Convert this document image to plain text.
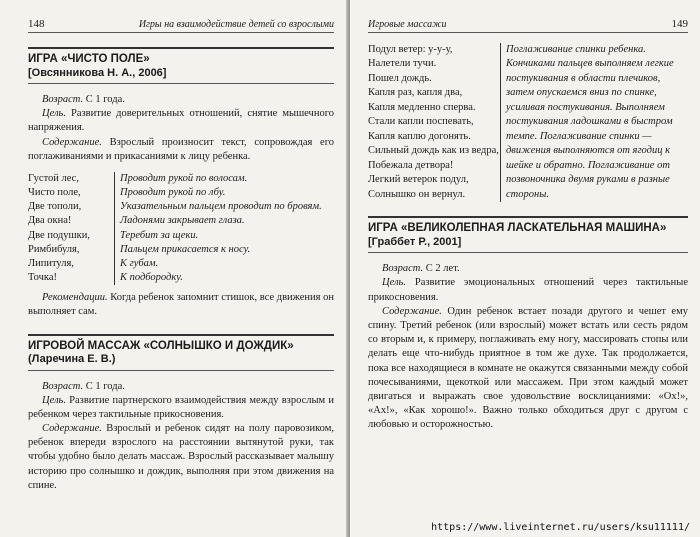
148	Игры на взаимодействие детей со взрослыми
ИГРА «ЧИСТО ПОЛЕ»
[Овсянникова Н. А., 2006]

Возраст. С 1 года.

Цель. Развитие доверительных отношений, снятие мышечного напряжения.

Содержание. Взрослый произносит текст, сопровождая его поглаживаниями и прикасаниями к лицу ребенка.

Густой лес,	Проводит рукой по волосам.
Чисто поле,	Проводит рукой по лбу.
Две тополи,	Указательным пальцем проводит по бровям.
Два окна!	Ладонями закрывает глаза.
Две подушки,	Теребит за щеки.
Римбибуля,	Пальцем прикасается к носу.
Липитуля,	К губам.
Точка!	К подбородку.

Рекомендации. Когда ребенок запомнит стишок, все движения он выполняет сам.

ИГРОВОЙ МАССАЖ «СОЛНЫШКО И ДОЖДИК»
(Ларечина Е. В.)

Возраст. С 1 года.

Цель. Развитие партнерского взаимодействия между взрослым и ребенком через тактильные прикосновения.

Содержание. Взрослый и ребенок сидят на полу паровозиком, ребенок впереди взрослого на расстоянии вытянутой руки, так чтобы удобно было делать массаж. Взрослый рассказывает малышу историю про солнышко и дождик, выполняя при этом движения на спине.

Игровые массажи	149
Подул ветер: у-у-у,
Налетели тучи.
Пошел дождь.
Капля раз, капля два,
Капля медленно сперва.
Стали капли поспевать,
Капля каплю догонять.
Сильный дождь как из ведра,
Побежала детвора!
Легкий ветерок подул,
Солнышко он вернул.
Поглаживание спинки ребенка. Кончиками пальцев выполняем легкие постукивания в области плечиков, затем опускаемся вниз по спинке, усиливая постукивания. Выполняем постукивания ладошками в быстром темпе. Поглаживание спинки — движения выполняются от ягодиц к шейке и обратно. Поглаживание от позвоночника двумя руками в разные стороны.
ИГРА «ВЕЛИКОЛЕПНАЯ ЛАСКАТЕЛЬНАЯ МАШИНА»
[Граббет Р., 2001]

Возраст. С 2 лет.

Цель. Развитие эмоциональных отношений через тактильные прикосновения.

Содержание. Один ребенок встает позади другого и чешет ему спину. Третий ребенок (или взрослый) может встать или сесть рядом со вторым и, к примеру, поглаживать ему ногу, массировать стопы или делать еще что-нибудь приятное в том же духе. Так продолжается, пока все находящиеся в комнате не окажутся связанными между собой почесываниями, щекоткой или массажем. При этом каждый может двигаться и выражать свое удовольствие восклицаниями: «Ох!», «Ах!», «Как хорошо!». Важно только обходиться друг с другом с любовью и осторожностью.

https://www.liveinternet.ru/users/ksu11111/
